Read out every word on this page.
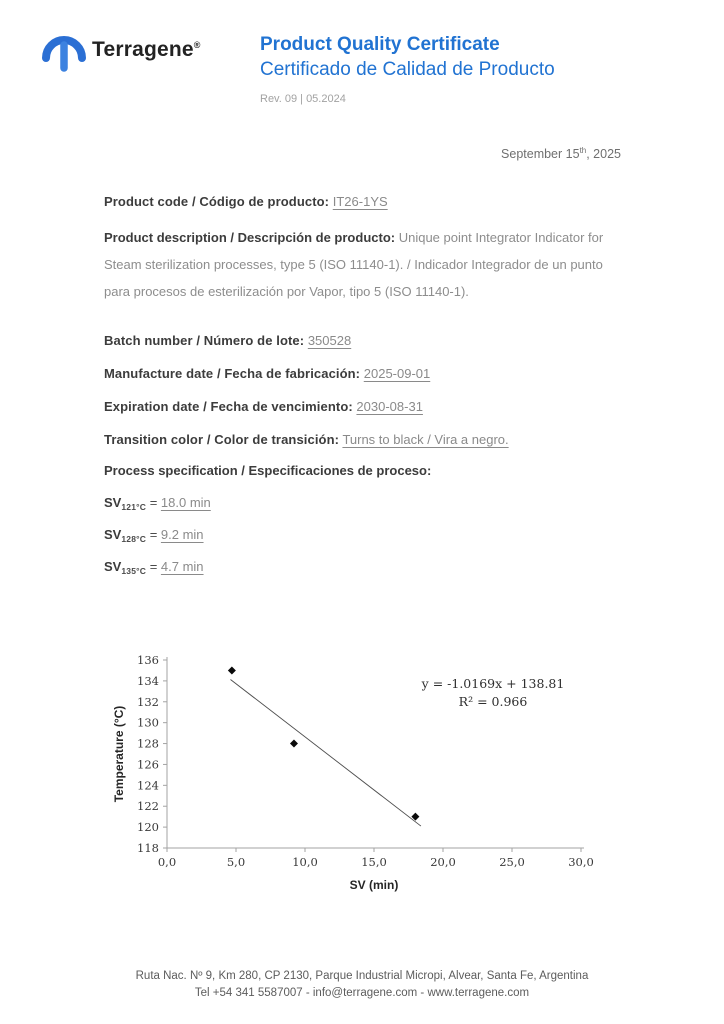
Terragene®	Product Quality Certificate
Certificado de Calidad de Producto
Rev. 09 | 05.2024
September 15th, 2025
Product code / Código de producto: IT26-1YS
Product description / Descripción de producto: Unique point Integrator Indicator for Steam sterilization processes, type 5 (ISO 11140-1). / Indicador Integrador de un punto para procesos de esterilización por Vapor, tipo 5 (ISO 11140-1).
Batch number / Número de lote: 350528
Manufacture date / Fecha de fabricación: 2025-09-01
Expiration date / Fecha de vencimiento: 2030-08-31
Transition color / Color de transición: Turns to black / Vira a negro.
Process specification / Especificaciones de proceso:
$SV_{121^\circ C} = 18.0$ min
$SV_{128^\circ C} = 9.2$ min
$SV_{135^\circ C} = 4.7$ min
118
120
122
124
126
128
130
132
134
136
0,0	5,0	10,0	15,0	20,0	25,0	30,0
y = -1.0169x + 138.81
R² = 0.966
SV (min)
Temperature (°C)
Ruta Nac. Nº 9, Km 280, CP 2130, Parque Industrial Micropi, Alvear, Santa Fe, Argentina
Tel +54 341 5587007 - info@terragene.com - www.terragene.com
